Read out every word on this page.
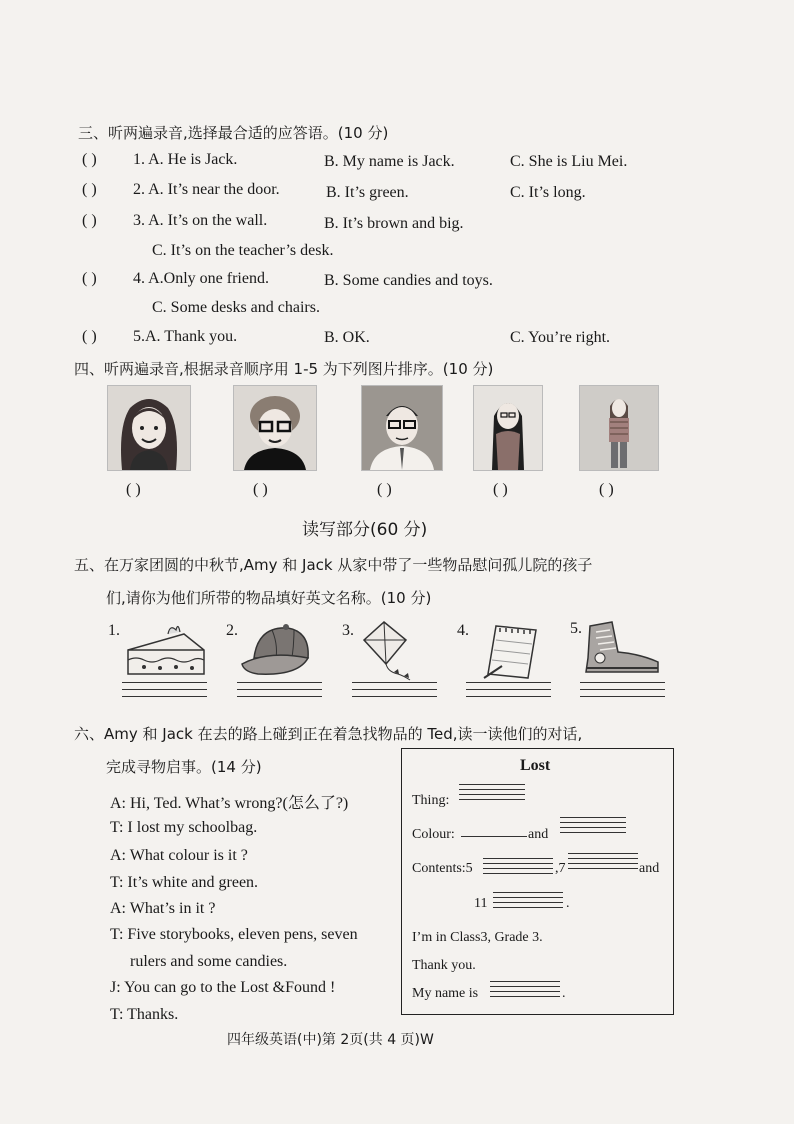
三、听两遍录音,选择最合适的应答语。(10 分)
( ) 1. A. He is Jack.	B. My name is Jack.	C. She is Liu Mei.
( ) 2. A. It’s near the door.	B. It’s green.	C. It’s long.
( ) 3. A. It’s on the wall.	B. It’s brown and big.
C. It’s on the teacher’s desk.
( ) 4. A.Only one friend.	B. Some candies and toys.
C. Some desks and chairs.
( ) 5.A. Thank you.	B. OK.	C. You’re right.
四、听两遍录音,根据录音顺序用 1-5 为下列图片排序。(10 分)
( )	( )	( )	( )	( )
读写部分(60 分)
五、在万家团圆的中秋节,Amy 和 Jack 从家中带了一些物品慰问孤儿院的孩子
们,请你为他们所带的物品填好英文名称。(10 分)
1.	2.	3.	4.	5.
六、Amy 和 Jack 在去的路上碰到正在着急找物品的 Ted,读一读他们的对话,
完成寻物启事。(14 分)
A: Hi, Ted. What’s wrong?(怎么了?)
T: I lost my schoolbag.
A: What colour is it ?
T: It’s white and green.
A: What’s in it ?
T: Five storybooks, eleven pens, seven
rulers and some candies.
J: You can go to the Lost &Found !
T: Thanks.
Lost
Thing:
Colour:	and
Contents:5	,7	and
11	.
I’m in Class3, Grade 3.
Thank you.
My name is	.
四年级英语(中)第 2页(共 4 页)W
